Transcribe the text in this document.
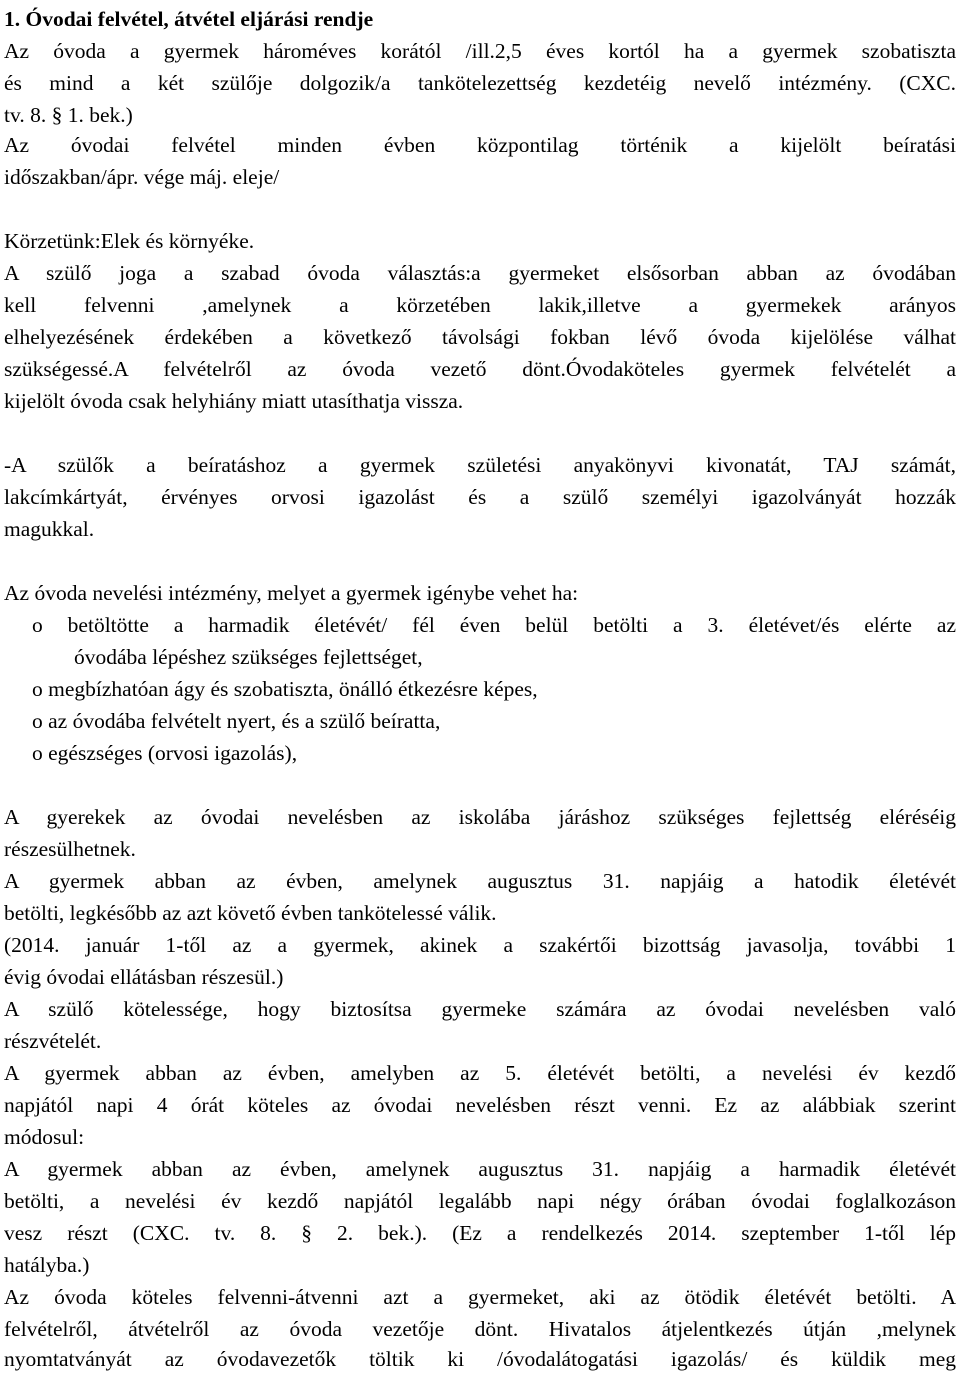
1. Óvodai felvétel, átvétel eljárási rendje
Az óvoda a gyermek hároméves korától /ill.2,5 éves kortól ha a gyermek szobatiszta
és mind a két szülője dolgozik/a tankötelezettség kezdetéig nevelő intézmény. (CXC.
tv. 8. § 1. bek.)
Az óvodai felvétel minden évben központilag történik a kijelölt beíratási
időszakban/ápr. vége máj. eleje/
Körzetünk:Elek és környéke.
A szülő joga a szabad óvoda választás:a gyermeket elsősorban abban az óvodában
kell felvenni ,amelynek a körzetében lakik,illetve a gyermekek arányos
elhelyezésének érdekében a következő távolsági fokban lévő óvoda kijelölése válhat
szükségessé.A felvételről az óvoda vezető dönt.Óvodaköteles gyermek felvételét a
kijelölt óvoda csak helyhiány miatt utasíthatja vissza.
-A szülők a beíratáshoz a gyermek születési anyakönyvi kivonatát, TAJ számát,
lakcímkártyát, érvényes orvosi igazolást és a szülő személyi igazolványát hozzák
magukkal.
Az óvoda nevelési intézmény, melyet a gyermek igénybe vehet ha:
o betöltötte a harmadik életévét/ fél éven belül betölti a 3. életévet/és elérte az
óvodába lépéshez szükséges fejlettséget,
o megbízhatóan ágy és szobatiszta, önálló étkezésre képes,
o az óvodába felvételt nyert, és a szülő beíratta,
o egészséges (orvosi igazolás),
A gyerekek az óvodai nevelésben az iskolába járáshoz szükséges fejlettség eléréséig
részesülhetnek.
A gyermek abban az évben, amelynek augusztus 31. napjáig a hatodik életévét
betölti, legkésőbb az azt követő évben tankötelessé válik.
(2014. január 1-től az a gyermek, akinek a szakértői bizottság javasolja, további 1
évig óvodai ellátásban részesül.)
A szülő kötelessége, hogy biztosítsa gyermeke számára az óvodai nevelésben való
részvételét.
A gyermek abban az évben, amelyben az 5. életévét betölti, a nevelési év kezdő
napjától napi 4 órát köteles az óvodai nevelésben részt venni. Ez az alábbiak szerint
módosul:
A gyermek abban az évben, amelynek augusztus 31. napjáig a harmadik életévét
betölti, a nevelési év kezdő napjától legalább napi négy órában óvodai foglalkozáson
vesz részt (CXC. tv. 8. § 2. bek.). (Ez a rendelkezés 2014. szeptember 1-től lép
hatályba.)
Az óvoda köteles felvenni-átvenni azt a gyermeket, aki az ötödik életévét betölti. A
felvételről, átvételről az óvoda vezetője dönt. Hivatalos átjelentkezés útján ,melynek
nyomtatványát az óvodavezetők töltik ki /óvodalátogatási igazolás/ és küldik meg
